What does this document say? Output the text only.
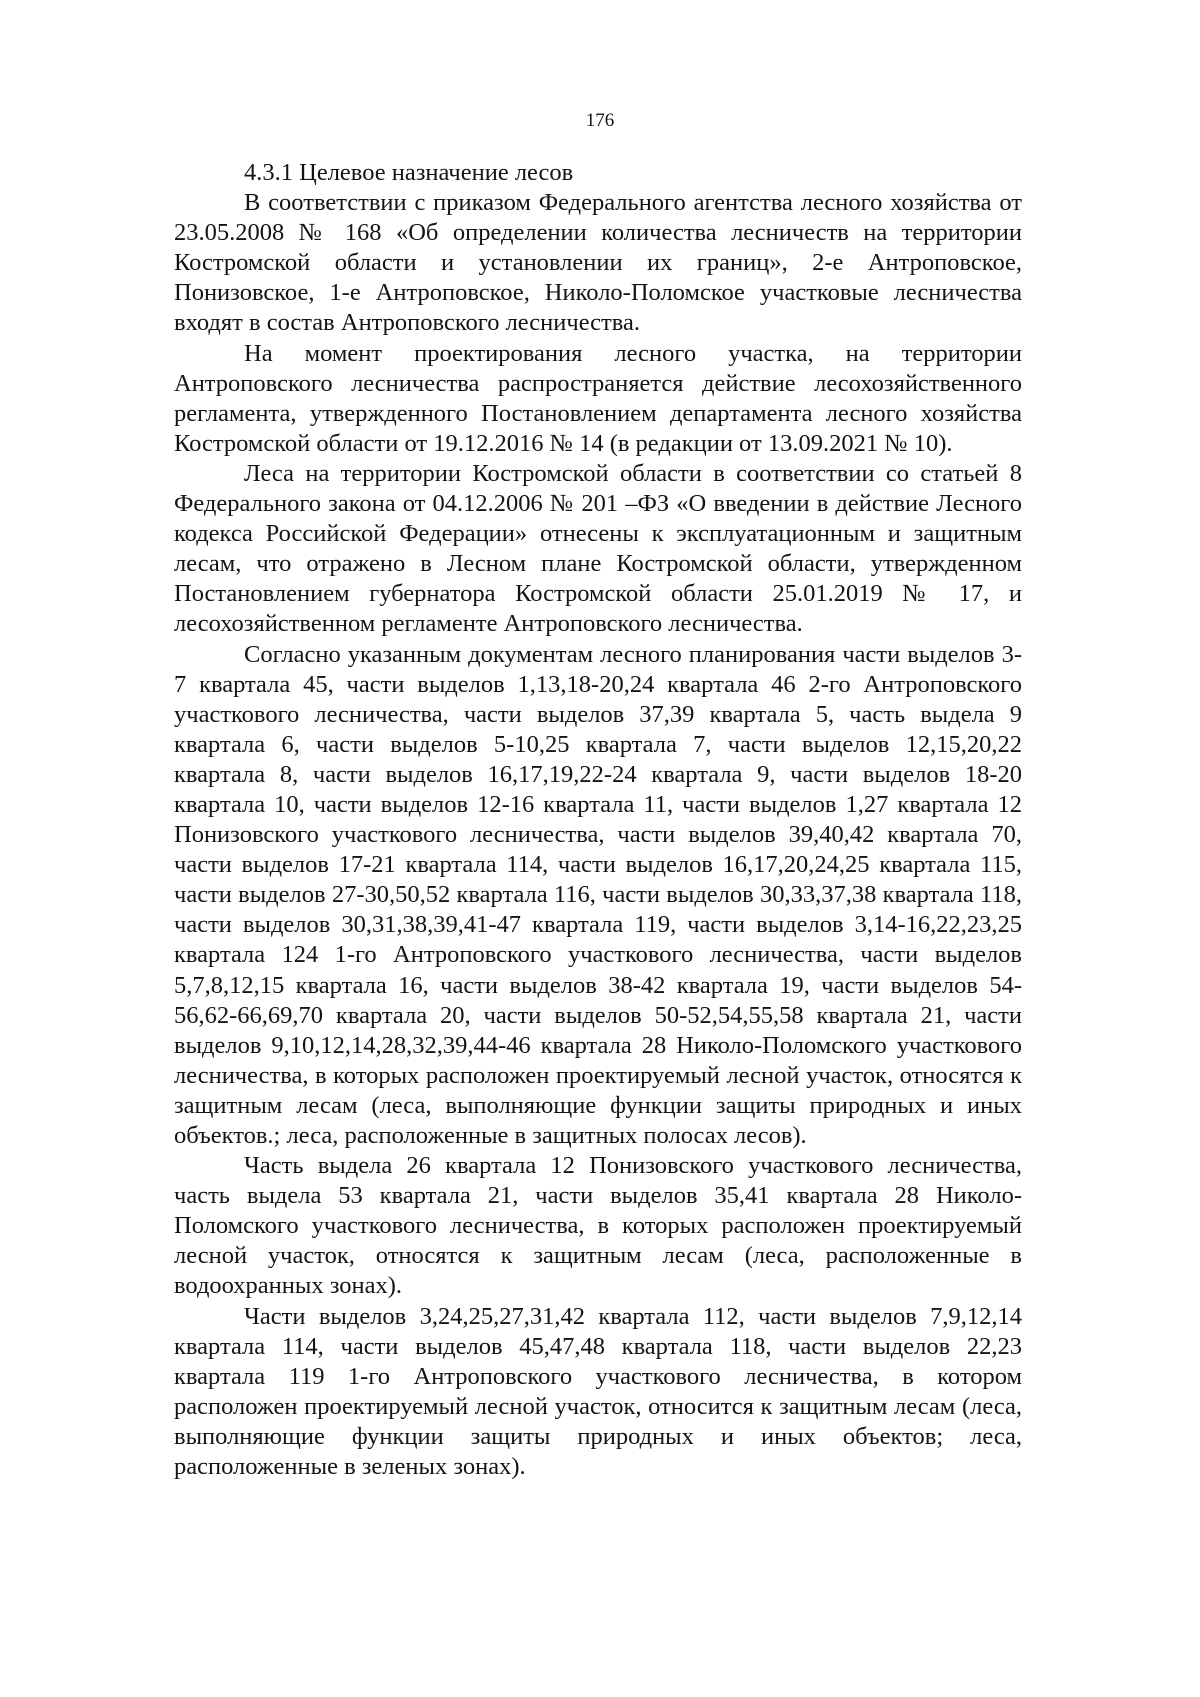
176

4.3.1 Целевое назначение лесов

В соответствии с приказом Федерального агентства лесного хозяйства от 23.05.2008 № 168 «Об определении количества лесничеств на территории Костромской области и установлении их границ», 2-е Антроповское, Понизовское, 1-е Антроповское, Николо-Поломское участковые лесничества входят в состав Антроповского лесничества.

На момент проектирования лесного участка, на территории Антроповского лесничества распространяется действие лесохозяйственного регламента, утвержденного Постановлением департамента лесного хозяйства Костромской области от 19.12.2016 № 14 (в редакции от 13.09.2021 № 10).

Леса на территории Костромской области в соответствии со статьей 8 Федерального закона от 04.12.2006 № 201 –ФЗ «О введении в действие Лесного кодекса Российской Федерации» отнесены к эксплуатационным и защитным лесам, что отражено в Лесном плане Костромской области, утвержденном Постановлением губернатора Костромской области 25.01.2019 № 17, и лесохозяйственном регламенте Антроповского лесничества.

Согласно указанным документам лесного планирования части выделов 3-7 квартала 45, части выделов 1,13,18-20,24 квартала 46 2-го Антроповского участкового лесничества, части выделов 37,39 квартала 5, часть выдела 9 квартала 6, части выделов 5-10,25 квартала 7, части выделов 12,15,20,22 квартала 8, части выделов 16,17,19,22-24 квартала 9, части выделов 18-20 квартала 10, части выделов 12-16 квартала 11, части выделов 1,27 квартала 12 Понизовского участкового лесничества, части выделов 39,40,42 квартала 70, части выделов 17-21 квартала 114, части выделов 16,17,20,24,25 квартала 115, части выделов 27-30,50,52 квартала 116, части выделов 30,33,37,38 квартала 118, части выделов 30,31,38,39,41-47 квартала 119, части выделов 3,14-16,22,23,25 квартала 124 1-го Антроповского участкового лесничества, части выделов 5,7,8,12,15 квартала 16, части выделов 38-42 квартала 19, части выделов 54-56,62-66,69,70 квартала 20, части выделов 50-52,54,55,58 квартала 21, части выделов 9,10,12,14,28,32,39,44-46 квартала 28 Николо-Поломского участкового лесничества, в которых расположен проектируемый лесной участок, относятся к защитным лесам (леса, выполняющие функции защиты природных и иных объектов.; леса, расположенные в защитных полосах лесов).

Часть выдела 26 квартала 12 Понизовского участкового лесничества, часть выдела 53 квартала 21, части выделов 35,41 квартала 28 Николо-Поломского участкового лесничества, в которых расположен проектируемый лесной участок, относятся к защитным лесам (леса, расположенные в водоохранных зонах).

Части выделов 3,24,25,27,31,42 квартала 112, части выделов 7,9,12,14 квартала 114, части выделов 45,47,48 квартала 118, части выделов 22,23 квартала 119 1-го Антроповского участкового лесничества, в котором расположен проектируемый лесной участок, относится к защитным лесам (леса, выполняющие функции защиты природных и иных объектов; леса, расположенные в зеленых зонах).
